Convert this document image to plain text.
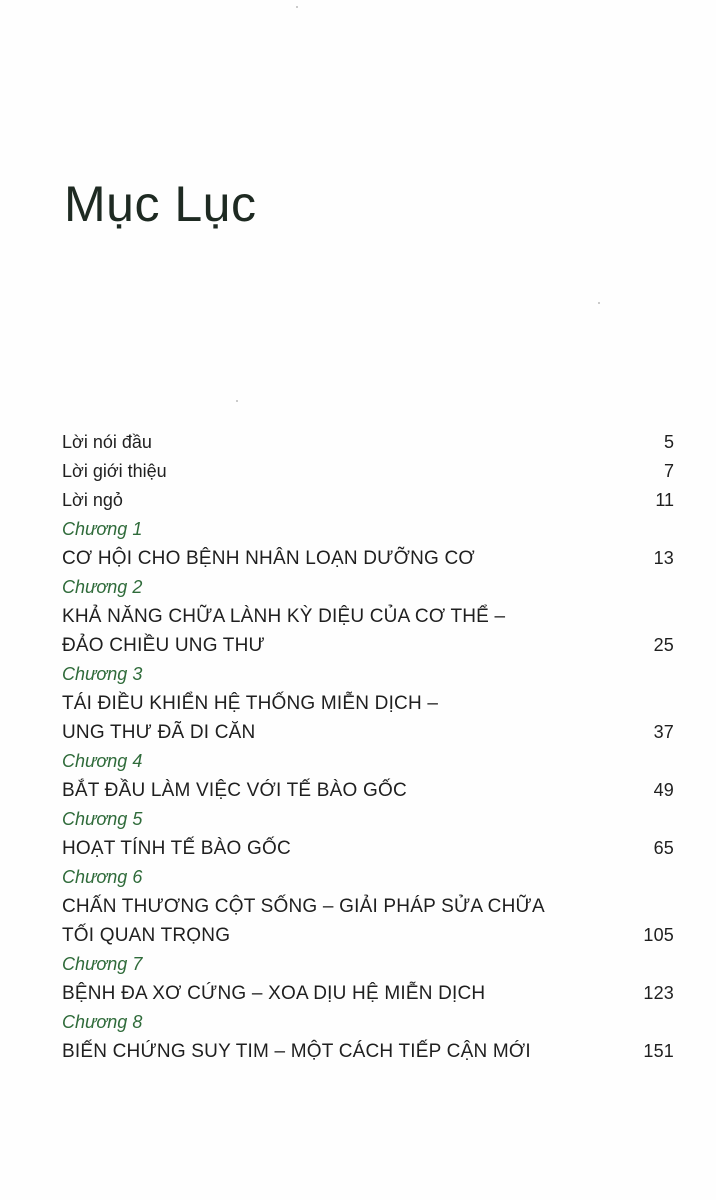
Mục Lục
Lời nói đầu	5
Lời giới thiệu	7
Lời ngỏ	11
Chương 1
CƠ HỘI CHO BỆNH NHÂN LOẠN DƯỠNG CƠ	13
Chương 2
KHẢ NĂNG CHỮA LÀNH KỲ DIỆU CỦA CƠ THỂ –
ĐẢO CHIỀU UNG THƯ	25
Chương 3
TÁI ĐIỀU KHIỂN HỆ THỐNG MIỄN DỊCH –
UNG THƯ ĐÃ DI CĂN	37
Chương 4
BẮT ĐẦU LÀM VIỆC VỚI TẾ BÀO GỐC	49
Chương 5
HOẠT TÍNH TẾ BÀO GỐC	65
Chương 6
CHẤN THƯƠNG CỘT SỐNG – GIẢI PHÁP SỬA CHỮA
TỐI QUAN TRỌNG	105
Chương 7
BỆNH ĐA XƠ CỨNG – XOA DỊU HỆ MIỄN DỊCH	123
Chương 8
BIẾN CHỨNG SUY TIM – MỘT CÁCH TIẾP CẬN MỚI	151
